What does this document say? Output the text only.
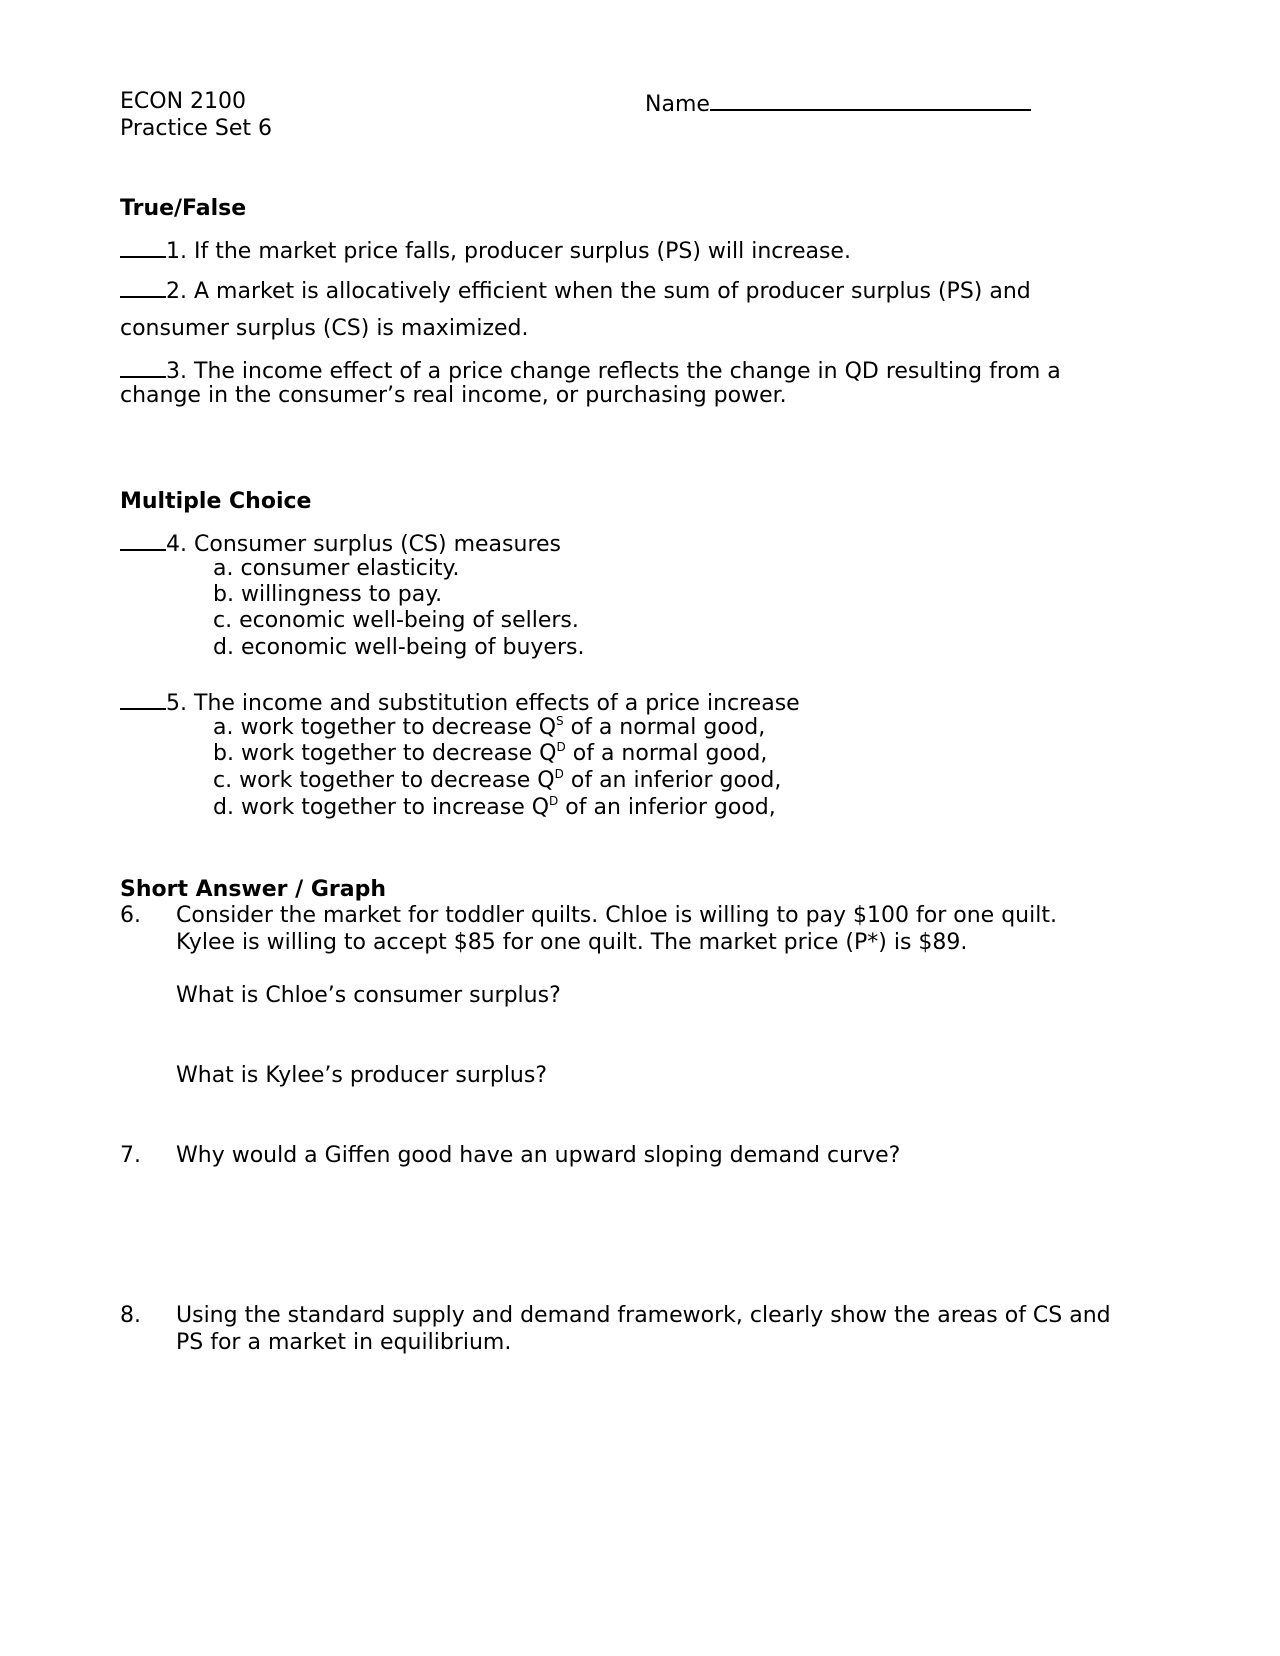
ECON 2100
Practice Set 6
Name
True/False
1. If the market price falls, producer surplus (PS) will increase.
2. A market is allocatively efficient when the sum of producer surplus (PS) and
consumer surplus (CS) is maximized.
3. The income effect of a price change reflects the change in QD resulting from a
change in the consumer’s real income, or purchasing power.
Multiple Choice
4. Consumer surplus (CS) measures
a. consumer elasticity.
b. willingness to pay.
c. economic well-being of sellers.
d. economic well-being of buyers.
5. The income and substitution effects of a price increase
a. work together to decrease $Q^S$ of a normal good,
b. work together to decrease $Q^D$ of a normal good,
c. work together to decrease $Q^D$ of an inferior good,
d. work together to increase $Q^D$ of an inferior good,
Short Answer / Graph
6. Consider the market for toddler quilts. Chloe is willing to pay $100 for one quilt.
Kylee is willing to accept $85 for one quilt. The market price (P*) is $89.
What is Chloe’s consumer surplus?
What is Kylee’s producer surplus?
7. Why would a Giffen good have an upward sloping demand curve?
8. Using the standard supply and demand framework, clearly show the areas of CS and
PS for a market in equilibrium.
